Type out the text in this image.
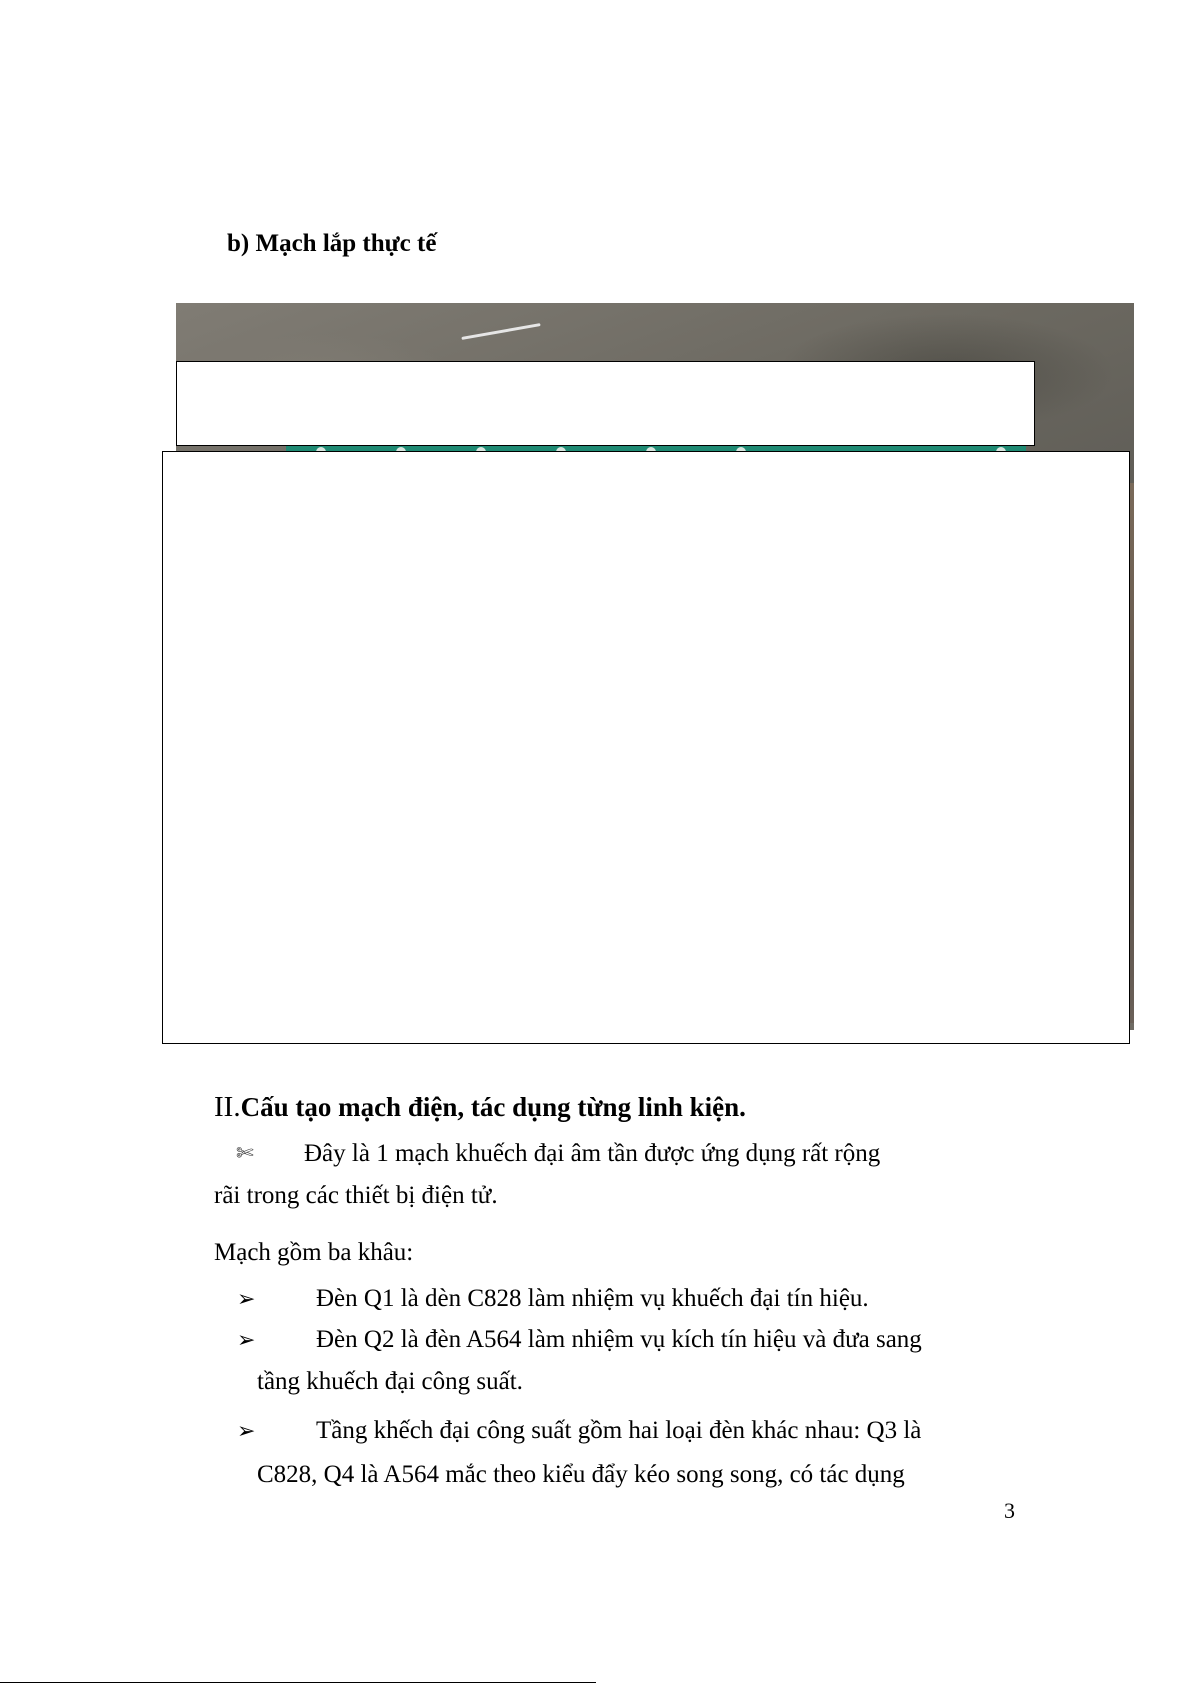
b) Mạch lắp thực tế
II.Cấu tạo mạch điện, tác dụng từng linh kiện.
✄ Đây là 1 mạch khuếch đại âm tần được ứng dụng rất rộng
rãi trong các thiết bị điện tử.
Mạch gồm ba khâu:
➢ Đèn Q1 là dèn C828 làm nhiệm vụ khuếch đại tín hiệu.
➢ Đèn Q2 là đèn A564 làm nhiệm vụ kích tín hiệu và đưa sang
tầng khuếch đại công suất.
➢ Tầng khếch đại công suất gồm hai loại đèn khác nhau: Q3 là
C828, Q4 là A564 mắc theo kiểu đẩy kéo song song, có tác dụng
3
